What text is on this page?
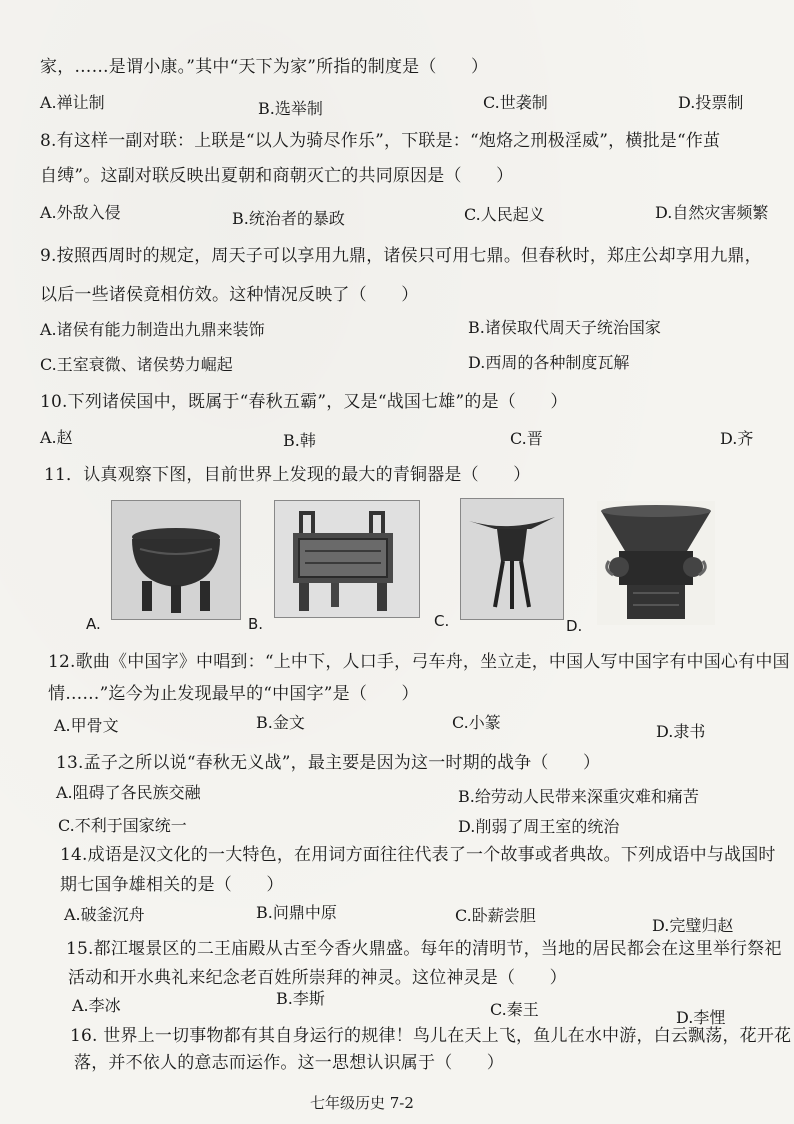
家，……是谓小康。”其中“天下为家”所指的制度是（　　）
A.禅让制	B.选举制	C.世袭制	D.投票制
8.有这样一副对联：上联是“以人为骑尽作乐”，下联是：“炮烙之刑极淫威”，横批是“作茧
自缚”。这副对联反映出夏朝和商朝灭亡的共同原因是（　　）
A.外敌入侵	B.统治者的暴政	C.人民起义	D.自然灾害频繁
9.按照西周时的规定，周天子可以享用九鼎，诸侯只可用七鼎。但春秋时，郑庄公却享用九鼎，
以后一些诸侯竟相仿效。这种情况反映了（　　）
A.诸侯有能力制造出九鼎来装饰	B.诸侯取代周天子统治国家
C.王室衰微、诸侯势力崛起	D.西周的各种制度瓦解
10.下列诸侯国中，既属于“春秋五霸”，又是“战国七雄”的是（　　）
A.赵	B.韩	C.晋	D.齐
11．认真观察下图，目前世界上发现的最大的青铜器是（　　）
A.	B.	C.	D.
12.歌曲《中国字》中唱到：“上中下，人口手，弓车舟，坐立走，中国人写中国字有中国心有中国
情……”迄今为止发现最早的“中国字”是（　　）
A.甲骨文	B.金文	C.小篆	D.隶书
13.孟子之所以说“春秋无义战”，最主要是因为这一时期的战争（　　）
A.阻碍了各民族交融	B.给劳动人民带来深重灾难和痛苦
C.不利于国家统一	D.削弱了周王室的统治
14.成语是汉文化的一大特色，在用词方面往往代表了一个故事或者典故。下列成语中与战国时
期七国争雄相关的是（　　）
A.破釜沉舟	B.问鼎中原	C.卧薪尝胆
D.完璧归赵
15.都江堰景区的二王庙殿从古至今香火鼎盛。每年的清明节，当地的居民都会在这里举行祭祀
活动和开水典礼来纪念老百姓所崇拜的神灵。这位神灵是（　　）
A.李冰	B.李斯
C.秦王	D.李悝
16. 世界上一切事物都有其自身运行的规律！鸟儿在天上飞，鱼儿在水中游，白云飘荡，花开花
落，并不依人的意志而运作。这一思想认识属于（　　）
七年级历史 7-2
